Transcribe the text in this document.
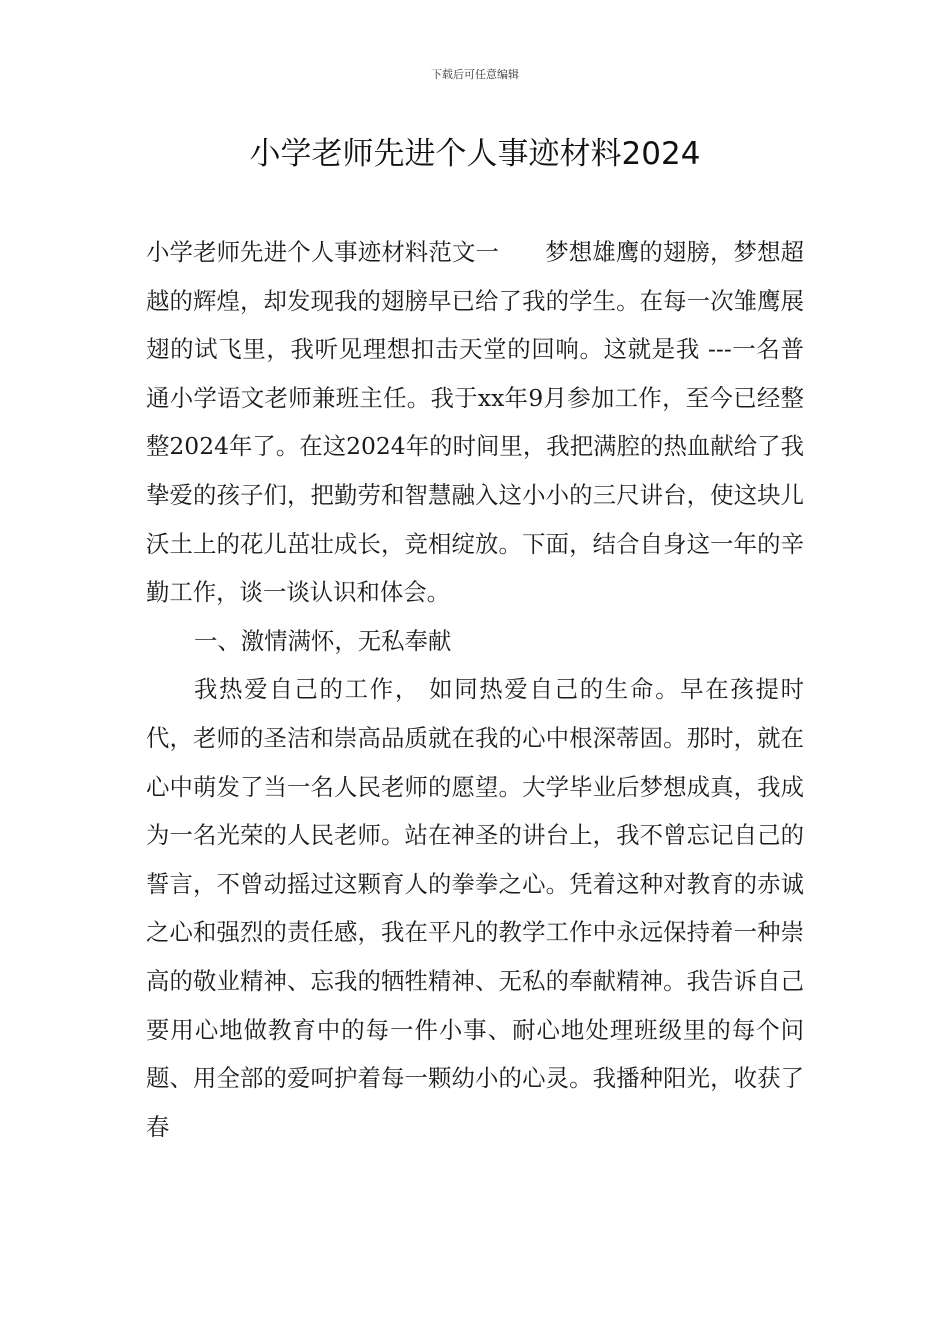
下载后可任意编辑
小学老师先进个人事迹材料2024

小学老师先进个人事迹材料范文一 梦想雄鹰的翅膀，梦想超越的辉煌，却发现我的翅膀早已给了我的学生。在每一次雏鹰展翅的试飞里，我听见理想扣击天堂的回响。这就是我 ---一名普通小学语文老师兼班主任。我于xx年9月参加工作，至今已经整整2024年了。在这2024年的时间里，我把满腔的热血献给了我挚爱的孩子们，把勤劳和智慧融入这小小的三尺讲台，使这块儿沃土上的花儿茁壮成长，竞相绽放。下面，结合自身这一年的辛勤工作，谈一谈认识和体会。

一、激情满怀，无私奉献

我热爱自己的工作， 如同热爱自己的生命。早在孩提时代，老师的圣洁和崇高品质就在我的心中根深蒂固。那时，就在心中萌发了当一名人民老师的愿望。大学毕业后梦想成真，我成为一名光荣的人民老师。站在神圣的讲台上，我不曾忘记自己的誓言，不曾动摇过这颗育人的拳拳之心。凭着这种对教育的赤诚之心和强烈的责任感，我在平凡的教学工作中永远保持着一种崇高的敬业精神、忘我的牺牲精神、无私的奉献精神。我告诉自己要用心地做教育中的每一件小事、耐心地处理班级里的每个问题、用全部的爱呵护着每一颗幼小的心灵。我播种阳光，收获了春
